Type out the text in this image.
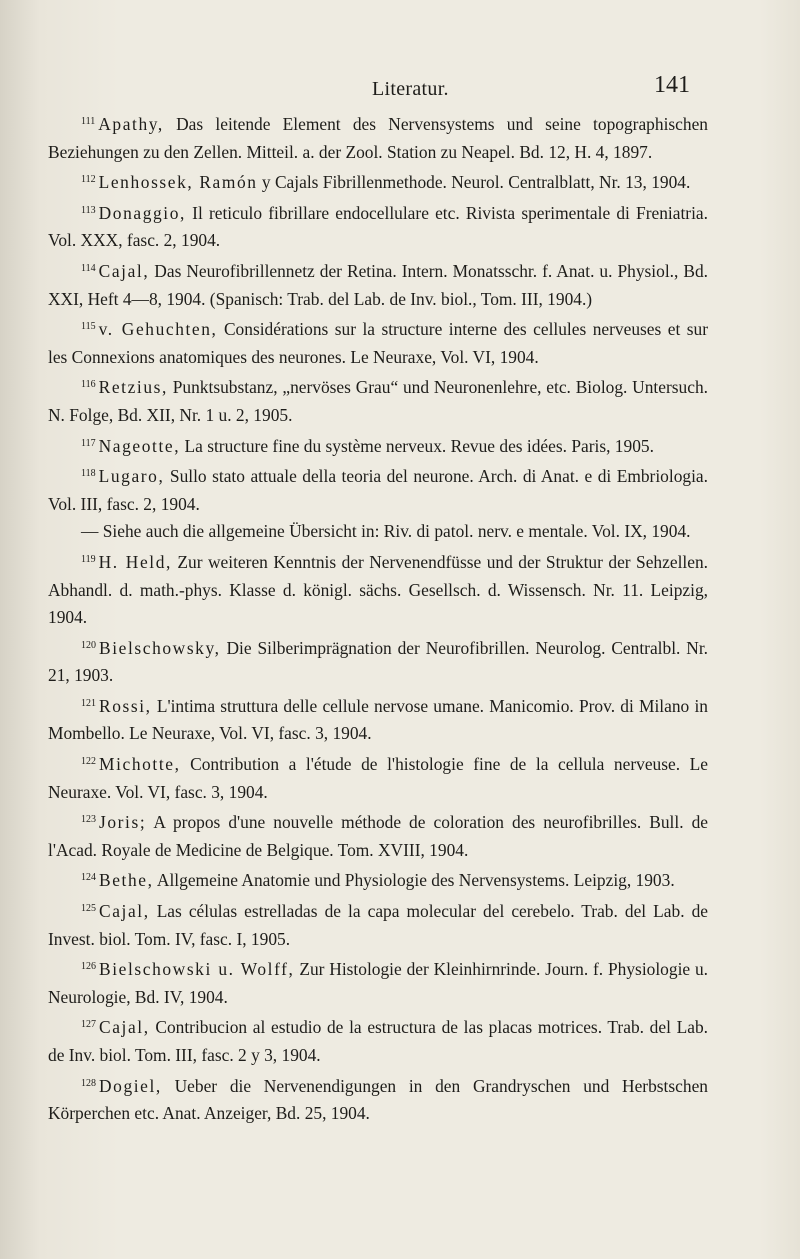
Literatur.	141

$^{111}$ Apathy, Das leitende Element des Nervensystems und seine topographischen Beziehungen zu den Zellen. Mitteil. a. der Zool. Station zu Neapel. Bd. 12, H. 4, 1897.

$^{112}$ Lenhossek, Ramón y Cajals Fibrillenmethode. Neurol. Centralblatt, Nr. 13, 1904.

$^{113}$ Donaggio, Il reticulo fibrillare endocellulare etc. Rivista sperimentale di Freniatria. Vol. XXX, fasc. 2, 1904.

$^{114}$ Cajal, Das Neurofibrillennetz der Retina. Intern. Monatsschr. f. Anat. u. Physiol., Bd. XXI, Heft 4—8, 1904. (Spanisch: Trab. del Lab. de Inv. biol., Tom. III, 1904.)

$^{115}$ v. Gehuchten, Considérations sur la structure interne des cellules nerveuses et sur les Connexions anatomiques des neurones. Le Neuraxe, Vol. VI, 1904.

$^{116}$ Retzius, Punktsubstanz, „nervöses Grau“ und Neuronenlehre, etc. Biolog. Untersuch. N. Folge, Bd. XII, Nr. 1 u. 2, 1905.

$^{117}$ Nageotte, La structure fine du système nerveux. Revue des idées. Paris, 1905.

$^{118}$ Lugaro, Sullo stato attuale della teoria del neurone. Arch. di Anat. e di Embriologia. Vol. III, fasc. 2, 1904.

— Siehe auch die allgemeine Übersicht in: Riv. di patol. nerv. e mentale. Vol. IX, 1904.

$^{119}$ H. Held, Zur weiteren Kenntnis der Nervenendfüsse und der Struktur der Sehzellen. Abhandl. d. math.-phys. Klasse d. königl. sächs. Gesellsch. d. Wissensch. Nr. 11. Leipzig, 1904.

$^{120}$ Bielschowsky, Die Silberimprägnation der Neurofibrillen. Neurolog. Centralbl. Nr. 21, 1903.

$^{121}$ Rossi, L'intima struttura delle cellule nervose umane. Manicomio. Prov. di Milano in Mombello. Le Neuraxe, Vol. VI, fasc. 3, 1904.

$^{122}$ Michotte, Contribution a l'étude de l'histologie fine de la cellula nerveuse. Le Neuraxe. Vol. VI, fasc. 3, 1904.

$^{123}$ Joris; A propos d'une nouvelle méthode de coloration des neurofibrilles. Bull. de l'Acad. Royale de Medicine de Belgique. Tom. XVIII, 1904.

$^{124}$ Bethe, Allgemeine Anatomie und Physiologie des Nervensystems. Leipzig, 1903.

$^{125}$ Cajal, Las células estrelladas de la capa molecular del cerebelo. Trab. del Lab. de Invest. biol. Tom. IV, fasc. I, 1905.

$^{126}$ Bielschowski u. Wolff, Zur Histologie der Kleinhirnrinde. Journ. f. Physiologie u. Neurologie, Bd. IV, 1904.

$^{127}$ Cajal, Contribucion al estudio de la estructura de las placas motrices. Trab. del Lab. de Inv. biol. Tom. III, fasc. 2 y 3, 1904.

$^{128}$ Dogiel, Ueber die Nervenendigungen in den Grandryschen und Herbstschen Körperchen etc. Anat. Anzeiger, Bd. 25, 1904.
